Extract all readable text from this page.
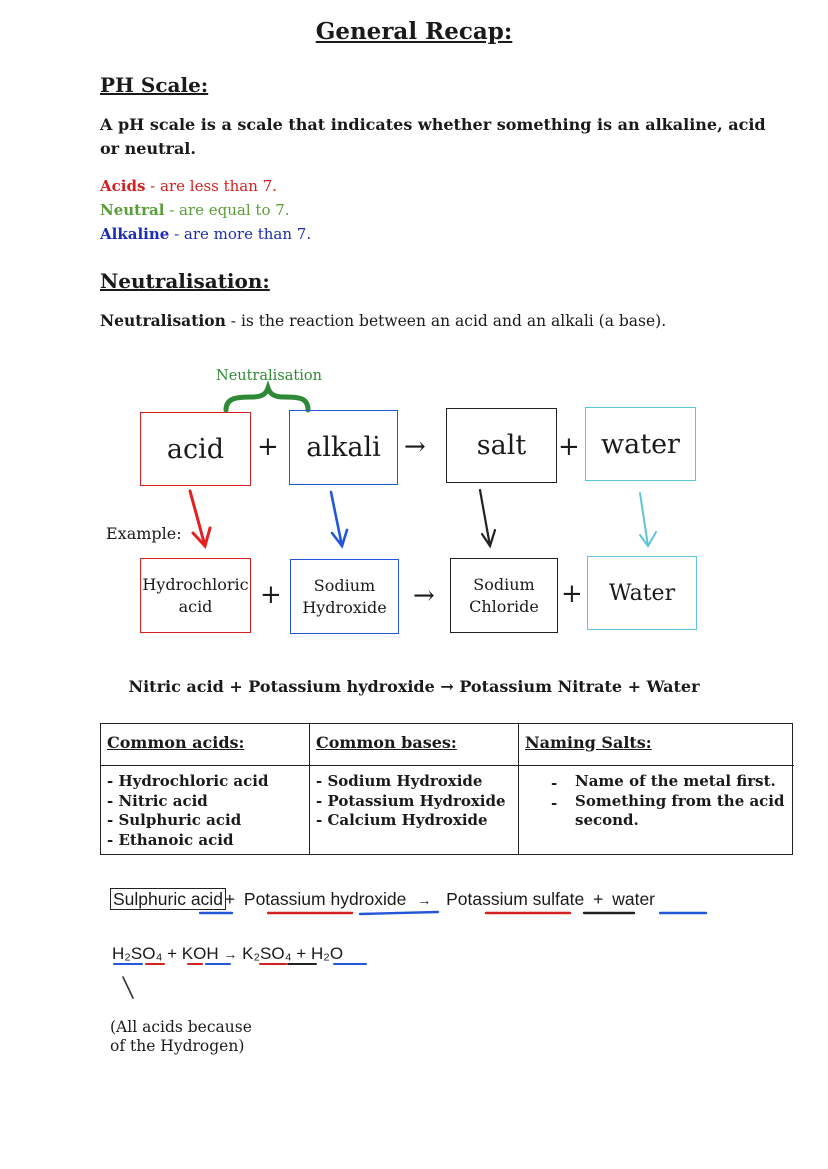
General Recap:
PH Scale:
A pH scale is a scale that indicates whether something is an alkaline, acid
or neutral.
Acids - are less than 7.
Neutral - are equal to 7.
Alkaline - are more than 7.
Neutralisation:
Neutralisation - is the reaction between an acid and an alkali (a base).
Neutralisation
acid + alkali → salt + water
Example:
Hydrochloric
acid + Sodium
Hydroxide → Sodium
Chloride + Water
Nitric acid + Potassium hydroxide → Potassium Nitrate + Water
Common acids:
- Hydrochloric acid
- Nitric acid
- Sulphuric acid
- Ethanoic acid
Common bases:
- Sodium Hydroxide
- Potassium Hydroxide
- Calcium Hydroxide
Naming Salts:
-
-
Name of the metal first.
Something from the acid
second.
Sulphuric acid + Potassium hydroxide → Potassium sulfate + water
H₂SO₄ + KOH → K₂SO₄ + H₂O
(All acids because
of the Hydrogen)
